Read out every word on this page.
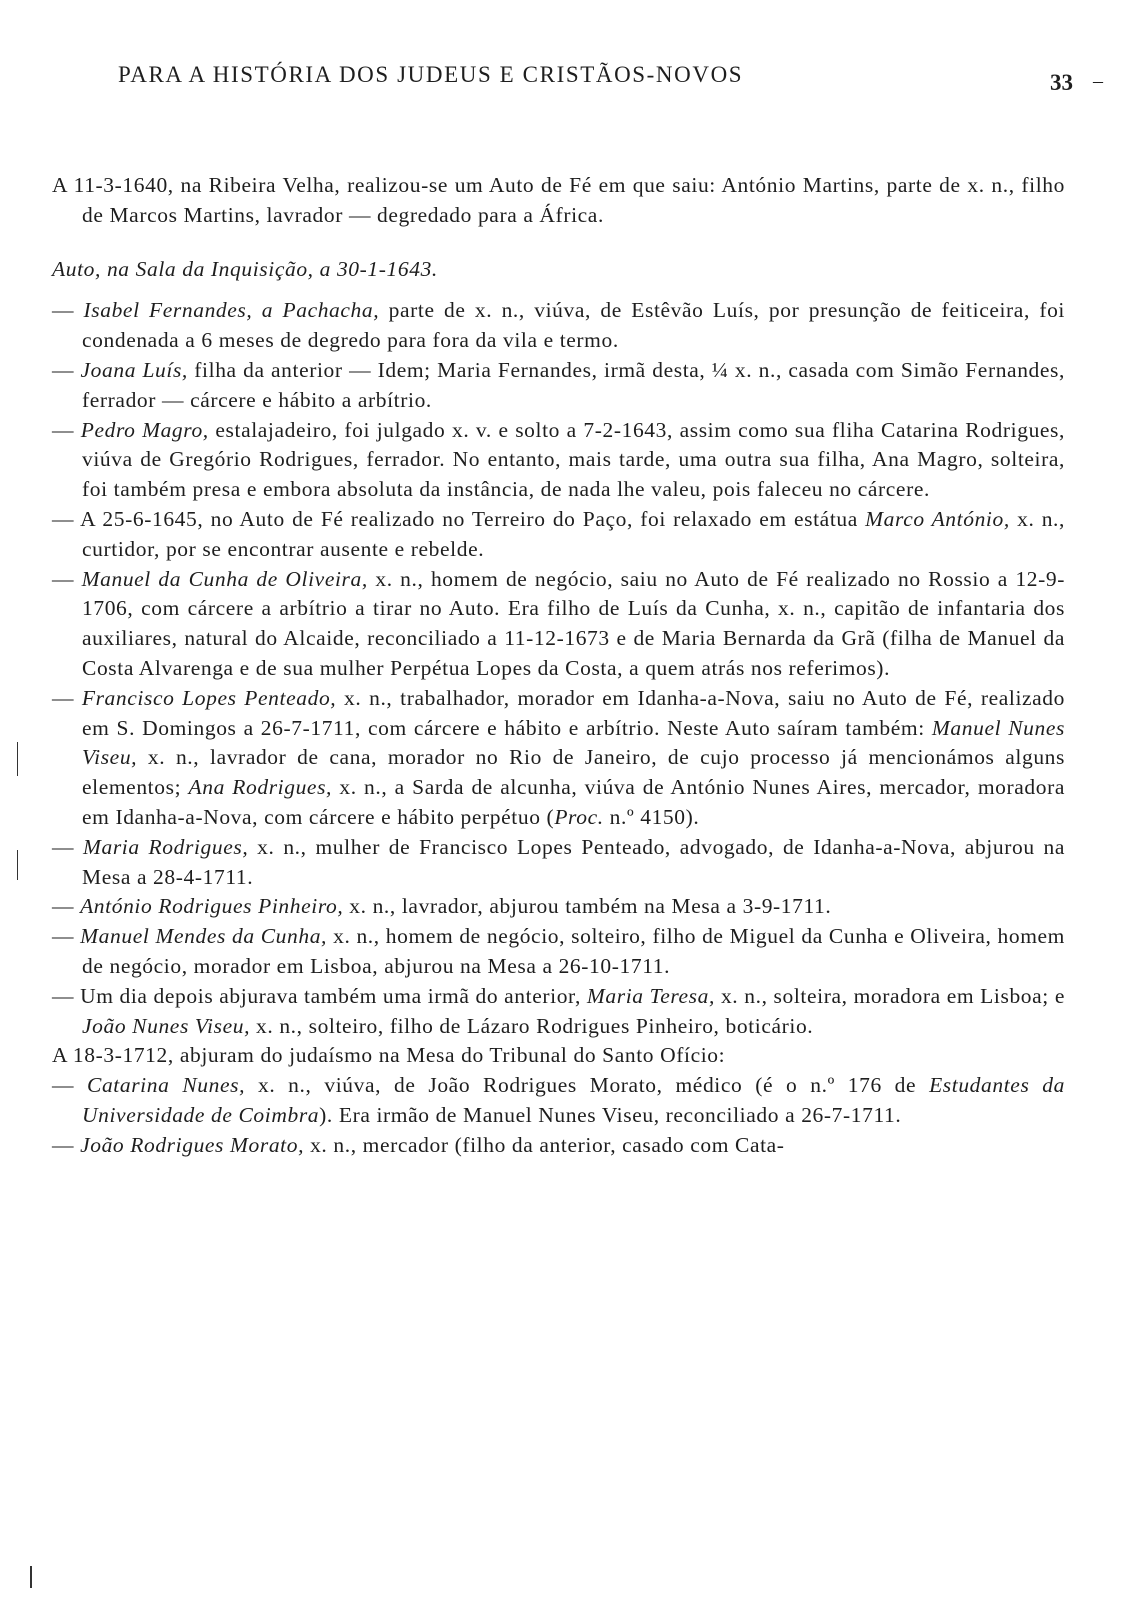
PARA A HISTÓRIA DOS JUDEUS E CRISTÃOS-NOVOS	33 –

A 11-3-1640, na Ribeira Velha, realizou-se um Auto de Fé em que saiu: António Martins, parte de x. n., filho de Marcos Martins, lavrador — degredado para a África.

Auto, na Sala da Inquisição, a 30-1-1643.

— Isabel Fernandes, a Pachacha, parte de x. n., viúva, de Estêvão Luís, por presunção de feiticeira, foi condenada a 6 meses de degredo para fora da vila e termo.

— Joana Luís, filha da anterior — Idem; Maria Fernandes, irmã desta, ¼ x. n., casada com Simão Fernandes, ferrador — cárcere e hábito a arbítrio.

— Pedro Magro, estalajadeiro, foi julgado x. v. e solto a 7-2-1643, assim como sua fliha Catarina Rodrigues, viúva de Gregório Rodrigues, ferrador. No entanto, mais tarde, uma outra sua filha, Ana Magro, solteira, foi também presa e embora absoluta da instância, de nada lhe valeu, pois faleceu no cárcere.

— A 25-6-1645, no Auto de Fé realizado no Terreiro do Paço, foi relaxado em estátua Marco António, x. n., curtidor, por se encontrar ausente e rebelde.

— Manuel da Cunha de Oliveira, x. n., homem de negócio, saiu no Auto de Fé realizado no Rossio a 12-9-1706, com cárcere a arbítrio a tirar no Auto. Era filho de Luís da Cunha, x. n., capitão de infantaria dos auxiliares, natural do Alcaide, reconciliado a 11-12-1673 e de Maria Bernarda da Grã (filha de Manuel da Costa Alvarenga e de sua mulher Perpétua Lopes da Costa, a quem atrás nos referimos).

— Francisco Lopes Penteado, x. n., trabalhador, morador em Idanha-a-Nova, saiu no Auto de Fé, realizado em S. Domingos a 26-7-1711, com cárcere e hábito e arbítrio. Neste Auto saíram também: Manuel Nunes Viseu, x. n., lavrador de cana, morador no Rio de Janeiro, de cujo processo já mencionámos alguns elementos; Ana Rodrigues, x. n., a Sarda de alcunha, viúva de António Nunes Aires, mercador, moradora em Idanha-a-Nova, com cárcere e hábito perpétuo (Proc. n.º 4150).

— Maria Rodrigues, x. n., mulher de Francisco Lopes Penteado, advogado, de Idanha-a-Nova, abjurou na Mesa a 28-4-1711.

— António Rodrigues Pinheiro, x. n., lavrador, abjurou também na Mesa a 3-9-1711.

— Manuel Mendes da Cunha, x. n., homem de negócio, solteiro, filho de Miguel da Cunha e Oliveira, homem de negócio, morador em Lisboa, abjurou na Mesa a 26-10-1711.

— Um dia depois abjurava também uma irmã do anterior, Maria Teresa, x. n., solteira, moradora em Lisboa; e João Nunes Viseu, x. n., solteiro, filho de Lázaro Rodrigues Pinheiro, boticário.

A 18-3-1712, abjuram do judaísmo na Mesa do Tribunal do Santo Ofício:

— Catarina Nunes, x. n., viúva, de João Rodrigues Morato, médico (é o n.º 176 de Estudantes da Universidade de Coimbra). Era irmão de Manuel Nunes Viseu, reconciliado a 26-7-1711.

— João Rodrigues Morato, x. n., mercador (filho da anterior, casado com Cata-
